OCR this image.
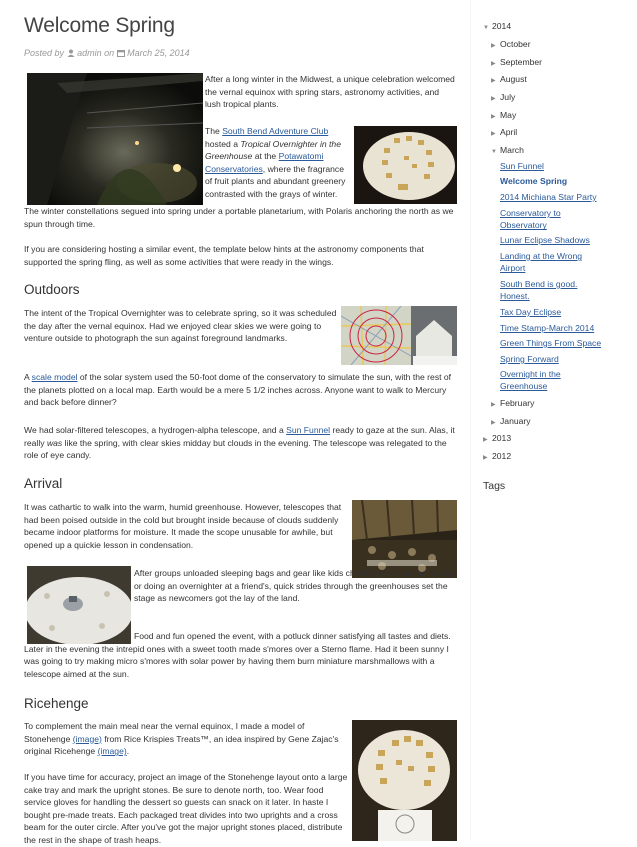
Welcome Spring
Posted by admin on March 25, 2014

After a long winter in the Midwest, a unique celebration welcomed the vernal equinox with spring stars, astronomy activities, and lush tropical plants.

The South Bend Adventure Club hosted a Tropical Overnighter in the Greenhouse at the Potawatomi Conservatories, where the fragrance of fruit plants and abundant greenery contrasted with the grays of winter.

The winter constellations segued into spring under a portable planetarium, with Polaris anchoring the north as we spun through time.

If you are considering hosting a similar event, the template below hints at the astronomy components that supported the spring fling, as well as some activities that were ready in the wings.

Outdoors

The intent of the Tropical Overnighter was to celebrate spring, so it was scheduled the day after the vernal equinox. Had we enjoyed clear skies we were going to venture outside to photograph the sun against foreground landmarks.

A scale model of the solar system used the 50-foot dome of the conservatory to simulate the sun, with the rest of the planets plotted on a local map. Earth would be a mere 5 1/2 inches across. Anyone want to walk to Mercury and back before dinner?

We had solar-filtered telescopes, a hydrogen-alpha telescope, and a Sun Funnel ready to gaze at the sun. Alas, it really was like the spring, with clear skies midday but clouds in the evening. The telescope was relegated to the role of eye candy.

Arrival

It was cathartic to walk into the warm, humid greenhouse. However, telescopes that had been poised outside in the cold but brought inside because of clouds suddenly became indoor platforms for moisture. It made the scope unusable for awhile, but opened up a quickie lesson in condensation.

After groups unloaded sleeping bags and gear like kids checking into summer camp or doing an overnighter at a friend's, quick strides through the greenhouses set the stage as newcomers got the lay of the land.

Food and fun opened the event, with a potluck dinner satisfying all tastes and diets. Later in the evening the intrepid ones with a sweet tooth made s'mores over a Sterno flame. Had it been sunny I was going to try making micro s'mores with solar power by having them burn miniature marshmallows with a telescope aimed at the sun.

Ricehenge

To complement the main meal near the vernal equinox, I made a model of Stonehenge (image) from Rice Krispies Treats™, an idea inspired by Gene Zajac's original Ricehenge (image).

If you have time for accuracy, project an image of the Stonehenge layout onto a large cake tray and mark the upright stones. Be sure to denote north, too. Wear food service gloves for handling the dessert so guests can snack on it later. In haste I bought pre-made treats. Each packaged treat divides into two uprights and a cross beam for the outer circle. After you've got the major upright stones placed, distribute the rest in the shape of trash heaps.

▼ 2014
▶ October
▶ September
▶ August
▶ July
▶ May
▶ April
▼ March
Sun Funnel
Welcome Spring
2014 Michiana Star Party
Conservatory to Observatory
Lunar Eclipse Shadows
Landing at the Wrong Airport
South Bend is good. Honest.
Tax Day Eclipse
Time Stamp-March 2014
Green Things From Space
Spring Forward
Overnight in the Greenhouse
▶ February
▶ January
▶ 2013
▶ 2012
Tags
